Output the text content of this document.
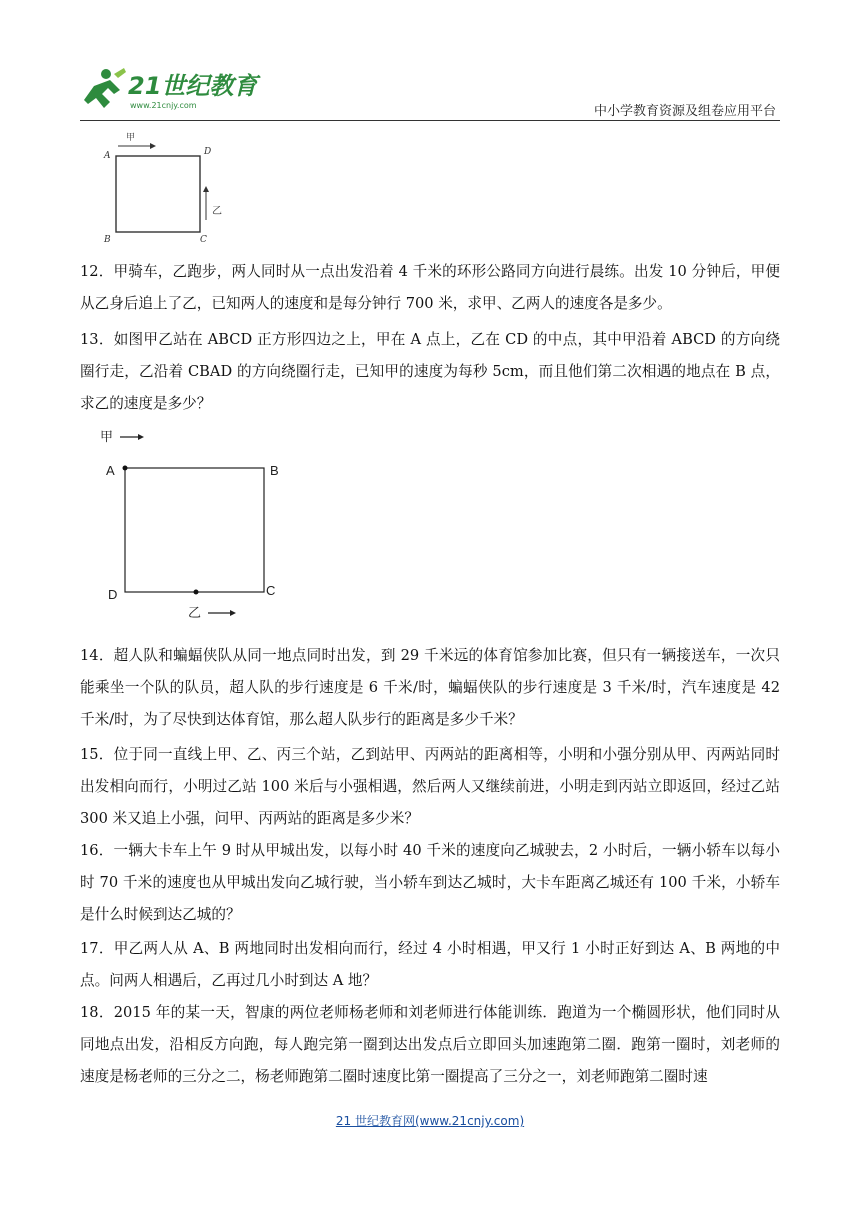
21世纪教育
www.21cnjy.com	中小学教育资源及组卷应用平台
甲
A	D
乙
B	C
12．甲骑车，乙跑步，两人同时从一点出发沿着 4 千米的环形公路同方向进行晨练。出发 10 分钟后，甲便从乙身后追上了乙，已知两人的速度和是每分钟行 700 米，求甲、乙两人的速度各是多少。
13．如图甲乙站在 ABCD 正方形四边之上，甲在 A 点上，乙在 CD 的中点，其中甲沿着 ABCD 的方向绕圈行走，乙沿着 CBAD 的方向绕圈行走，已知甲的速度为每秒 5cm，而且他们第二次相遇的地点在 B 点，求乙的速度是多少？
甲
A	B
D	C
乙
14．超人队和蝙蝠侠队从同一地点同时出发，到 29 千米远的体育馆参加比赛，但只有一辆接送车，一次只能乘坐一个队的队员，超人队的步行速度是 6 千米/时，蝙蝠侠队的步行速度是 3 千米/时，汽车速度是 42 千米/时，为了尽快到达体育馆，那么超人队步行的距离是多少千米？
15．位于同一直线上甲、乙、丙三个站，乙到站甲、丙两站的距离相等，小明和小强分别从甲、丙两站同时出发相向而行，小明过乙站 100 米后与小强相遇，然后两人又继续前进，小明走到丙站立即返回，经过乙站 300 米又追上小强，问甲、丙两站的距离是多少米？
16．一辆大卡车上午 9 时从甲城出发，以每小时 40 千米的速度向乙城驶去，2 小时后，一辆小轿车以每小时 70 千米的速度也从甲城出发向乙城行驶，当小轿车到达乙城时，大卡车距离乙城还有 100 千米，小轿车是什么时候到达乙城的？
17．甲乙两人从 A、B 两地同时出发相向而行，经过 4 小时相遇，甲又行 1 小时正好到达 A、B 两地的中点。问两人相遇后，乙再过几小时到达 A 地？
18．2015 年的某一天，智康的两位老师杨老师和刘老师进行体能训练．跑道为一个椭圆形状，他们同时从同地点出发，沿相反方向跑，每人跑完第一圈到达出发点后立即回头加速跑第二圈．跑第一圈时，刘老师的速度是杨老师的三分之二，杨老师跑第二圈时速度比第一圈提高了三分之一，刘老师跑第二圈时速
21 世纪教育网(www.21cnjy.com)
